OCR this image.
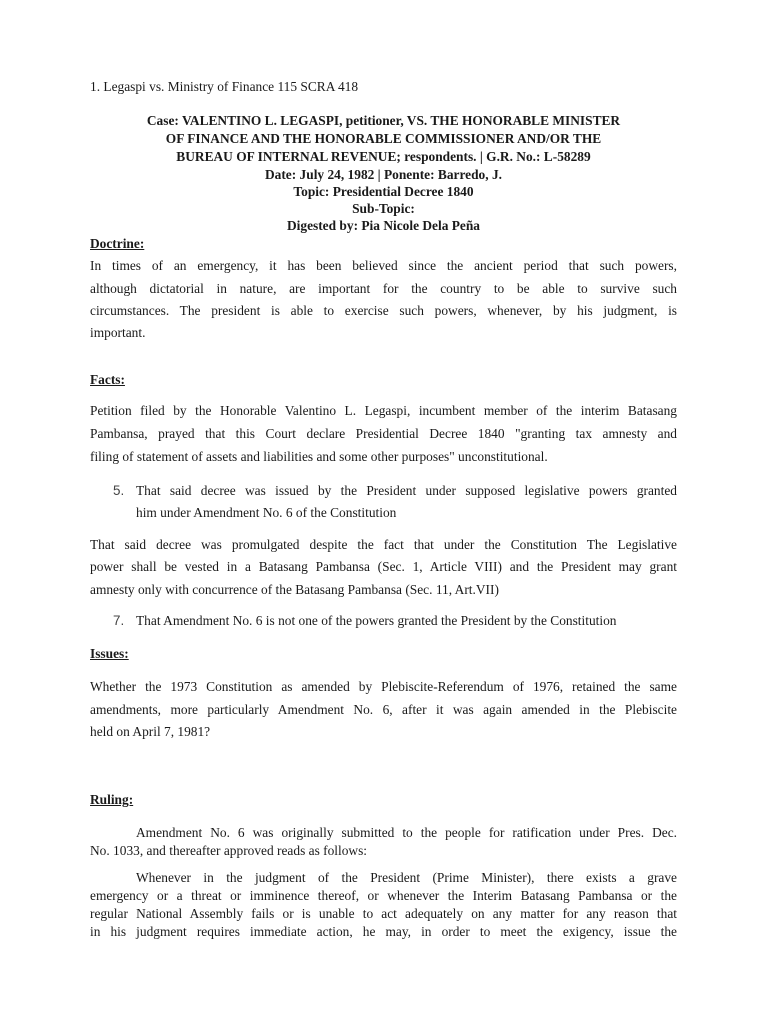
1. Legaspi vs. Ministry of Finance 115 SCRA 418
Case: VALENTINO L. LEGASPI, petitioner, VS. THE HONORABLE MINISTER
OF FINANCE AND THE HONORABLE COMMISSIONER AND/OR THE
BUREAU OF INTERNAL REVENUE; respondents. | G.R. No.: L-58289
Date: July 24, 1982 | Ponente: Barredo, J.
Topic: Presidential Decree 1840
Sub-Topic:
Digested by: Pia Nicole Dela Peña
Doctrine:
In times of an emergency, it has been believed since the ancient period that such powers,
although dictatorial in nature, are important for the country to be able to survive such
circumstances. The president is able to exercise such powers, whenever, by his judgment, is
important.
Facts:
Petition filed by the Honorable Valentino L. Legaspi, incumbent member of the interim Batasang
Pambansa, prayed that this Court declare Presidential Decree 1840 "granting tax amnesty and
filing of statement of assets and liabilities and some other purposes" unconstitutional.
5. That said decree was issued by the President under supposed legislative powers granted
him under Amendment No. 6 of the Constitution
That said decree was promulgated despite the fact that under the Constitution The Legislative
power shall be vested in a Batasang Pambansa (Sec. 1, Article VIII) and the President may grant
amnesty only with concurrence of the Batasang Pambansa (Sec. 11, Art.VII)
7. That Amendment No. 6 is not one of the powers granted the President by the Constitution
Issues:
Whether the 1973 Constitution as amended by Plebiscite-Referendum of 1976, retained the same
amendments, more particularly Amendment No. 6, after it was again amended in the Plebiscite
held on April 7, 1981?
Ruling:
Amendment No. 6 was originally submitted to the people for ratification under Pres. Dec.
No. 1033, and thereafter approved reads as follows:
Whenever in the judgment of the President (Prime Minister), there exists a grave
emergency or a threat or imminence thereof, or whenever the Interim Batasang Pambansa or the
regular National Assembly fails or is unable to act adequately on any matter for any reason that
in his judgment requires immediate action, he may, in order to meet the exigency, issue the
